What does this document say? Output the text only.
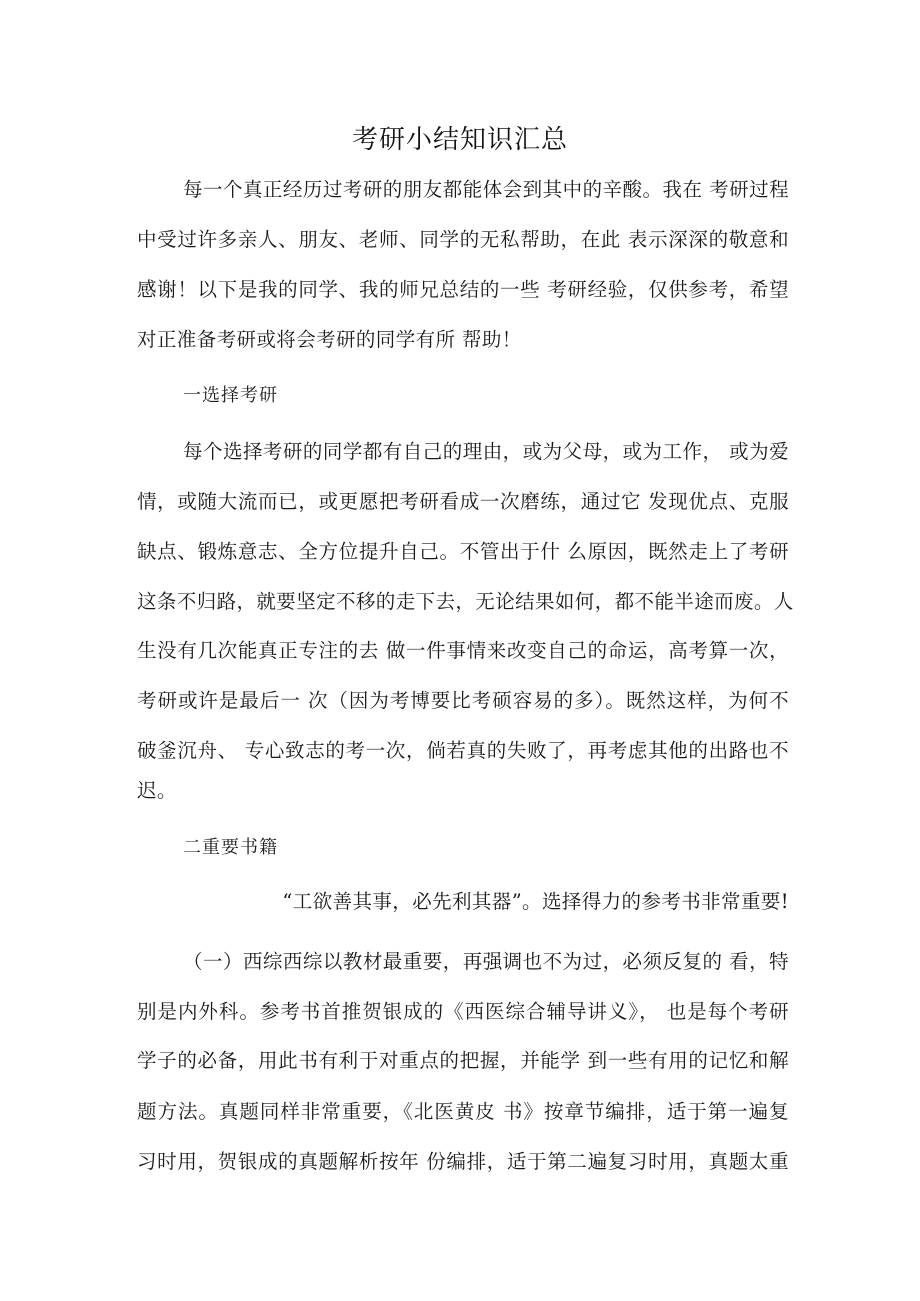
考研小结知识汇总
每一个真正经历过考研的朋友都能体会到其中的辛酸。我在 考研过程
中受过许多亲人、朋友、老师、同学的无私帮助，在此 表示深深的敬意和
感谢！以下是我的同学、我的师兄总结的一些 考研经验，仅供参考，希望
对正准备考研或将会考研的同学有所 帮助！
一选择考研
每个选择考研的同学都有自己的理由，或为父母，或为工作， 或为爱
情，或随大流而已，或更愿把考研看成一次磨练，通过它 发现优点、克服
缺点、锻炼意志、全方位提升自己。不管出于什 么原因，既然走上了考研
这条不归路，就要坚定不移的走下去，无论结果如何，都不能半途而废。人
生没有几次能真正专注的去 做一件事情来改变自己的命运，高考算一次，
考研或许是最后一 次（因为考博要比考硕容易的多）。既然这样，为何不
破釜沉舟、 专心致志的考一次，倘若真的失败了，再考虑其他的出路也不
迟。
二重要书籍
“工欲善其事，必先利其器”。选择得力的参考书非常重要!
（一）西综西综以教材最重要，再强调也不为过，必须反复的 看，特
别是内外科。参考书首推贺银成的《西医综合辅导讲义》， 也是每个考研
学子的必备，用此书有利于对重点的把握，并能学 到一些有用的记忆和解
题方法。真题同样非常重要，《北医黄皮 书》按章节编排，适于第一遍复
习时用，贺银成的真题解析按年 份编排，适于第二遍复习时用，真题太重
